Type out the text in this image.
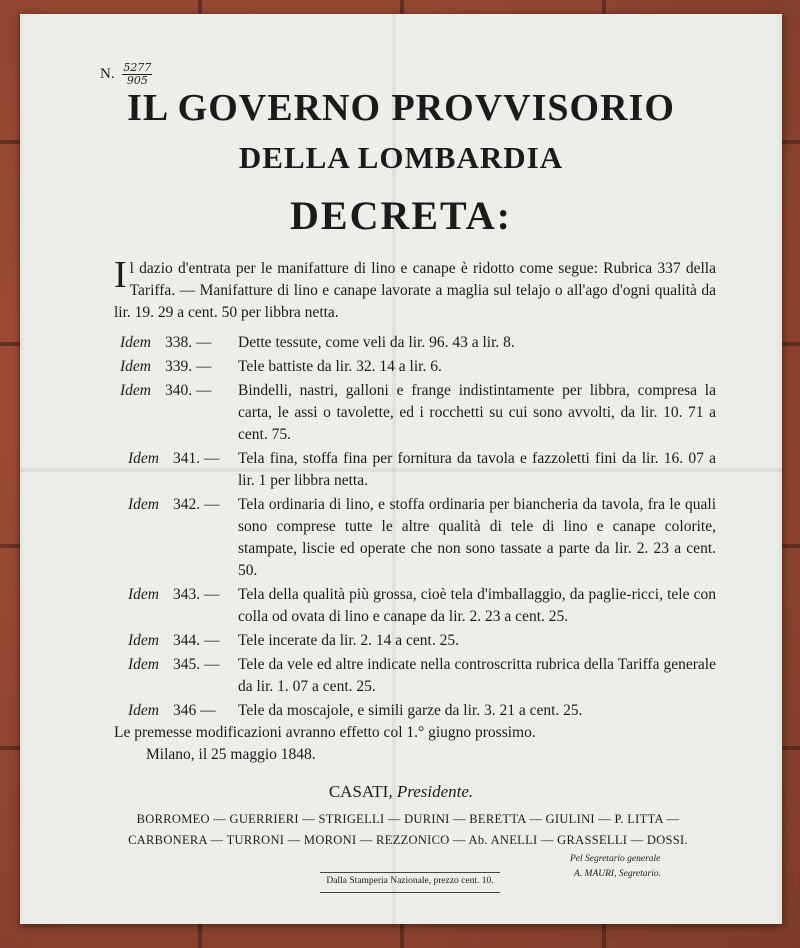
N. $\frac{5277}{905}$
IL GOVERNO PROVVISORIO
DELLA LOMBARDIA
DECRETA:

Il dazio d'entrata per le manifatture di lino e canape è ridotto come segue: Rubrica 337 della Tariffa. — Manifatture di lino e canape lavorate a maglia sul telajo o all'ago d'ogni qualità da lir. 19. 29 a cent. 50 per libbra netta.

Idem 338. —	Dette tessute, come veli da lir. 96. 43 a lir. 8.
Idem 339. —	Tele battiste da lir. 32. 14 a lir. 6.
Idem 340. —	Bindelli, nastri, galloni e frange indistintamente per libbra, compresa la carta, le assi o tavolette, ed i rocchetti su cui sono avvolti, da lir. 10. 71 a cent. 75.
Idem 341. —	Tela fina, stoffa fina per fornitura da tavola e fazzoletti fini da lir. 16. 07 a lir. 1 per libbra netta.
Idem 342. —	Tela ordinaria di lino, e stoffa ordinaria per biancheria da tavola, fra le quali sono comprese tutte le altre qualità di tele di lino e canape colorite, stampate, liscie ed operate che non sono tassate a parte da lir. 2. 23 a cent. 50.
Idem 343. —	Tela della qualità più grossa, cioè tela d'imballaggio, da paglie-ricci, tele con colla od ovata di lino e canape da lir. 2. 23 a cent. 25.
Idem 344. —	Tele incerate da lir. 2. 14 a cent. 25.
Idem 345. —	Tele da vele ed altre indicate nella controscritta rubrica della Tariffa generale da lir. 1. 07 a cent. 25.
Idem 346 —	Tele da moscajole, e simili garze da lir. 3. 21 a cent. 25.

Le premesse modificazioni avranno effetto col 1.° giugno prossimo.

Milano, il 25 maggio 1848.

CASATI, Presidente.
BORROMEO — GUERRIERI — STRIGELLI — DURINI — BERETTA — GIULINI — P. LITTA —
CARBONERA — TURRONI — MORONI — REZZONICO — Ab. ANELLI — GRASSELLI — DOSSI.
Pel Segretario generale
A. MAURI, Segretario.
Dalla Stamperia Nazionale, prezzo cent. 10.
